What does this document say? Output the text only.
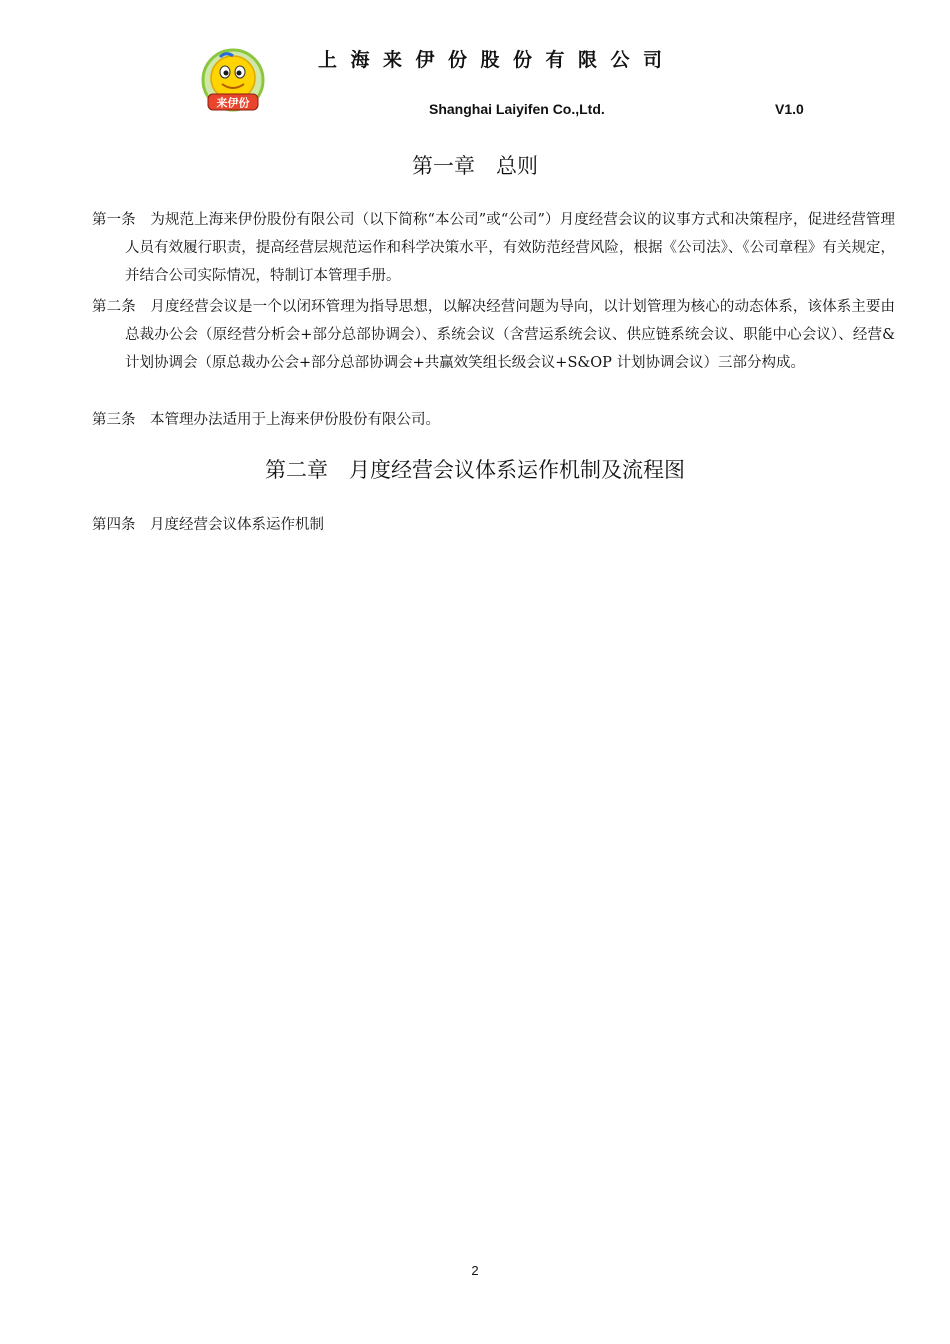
来伊份
上海来伊份股份有限公司
Shanghai Laiyifen Co.,Ltd.	V1.0
第一章　总则
第一条　为规范上海来伊份股份有限公司（以下简称“本公司”或“公司”）月度经营会议的议事方式和决策程序，促进经营管理人员有效履行职责，提高经营层规范运作和科学决策水平，有效防范经营风险，根据《公司法》、《公司章程》有关规定，并结合公司实际情况，特制订本管理手册。
第二条　月度经营会议是一个以闭环管理为指导思想，以解决经营问题为导向，以计划管理为核心的动态体系，该体系主要由总裁办公会（原经营分析会+部分总部协调会）、系统会议（含营运系统会议、供应链系统会议、职能中心会议）、经营&计划协调会（原总裁办公会+部分总部协调会+共赢效笑组长级会议+S&OP 计划协调会议）三部分构成。
第三条　本管理办法适用于上海来伊份股份有限公司。
第二章　月度经营会议体系运作机制及流程图
第四条　月度经营会议体系运作机制
2
